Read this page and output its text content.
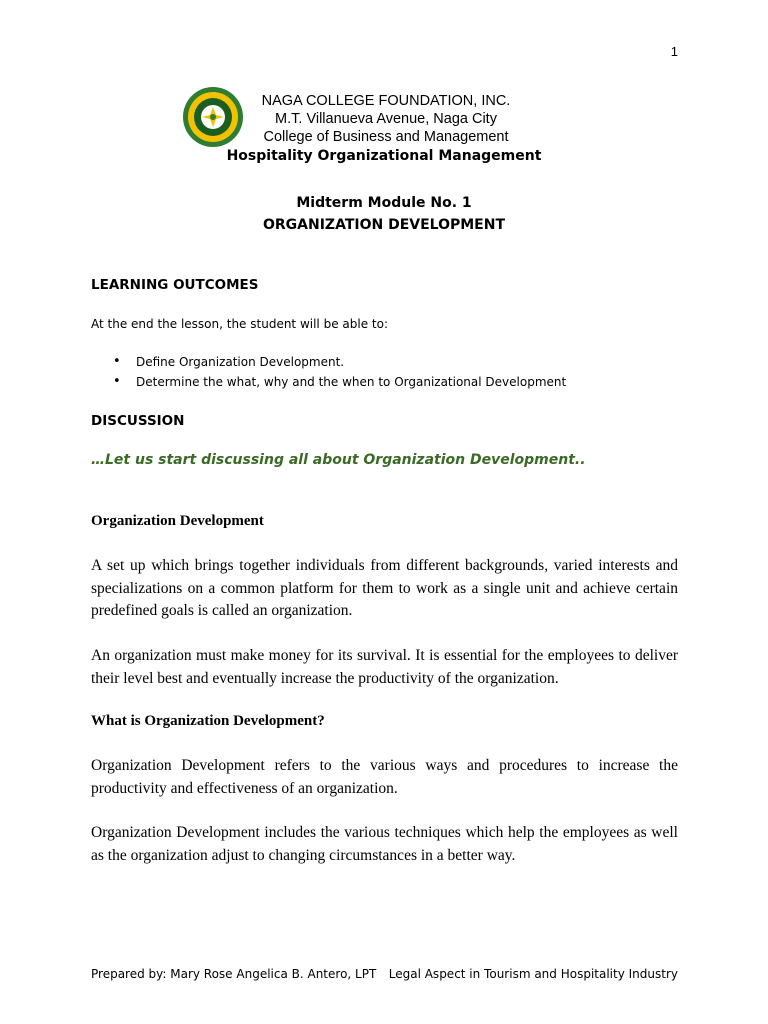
1
NAGA COLLEGE FOUNDATION, INC.
M.T. Villanueva Avenue, Naga City
College of Business and Management
Hospitality Organizational Management
Midterm Module No. 1
ORGANIZATION DEVELOPMENT
LEARNING OUTCOMES
At the end the lesson, the student will be able to:
• Define Organization Development.
• Determine the what, why and the when to Organizational Development
DISCUSSION
…Let us start discussing all about Organization Development..
Organization Development

A set up which brings together individuals from different backgrounds, varied interests and specializations on a common platform for them to work as a single unit and achieve certain predefined goals is called an organization.

An organization must make money for its survival. It is essential for the employees to deliver their level best and eventually increase the productivity of the organization.

What is Organization Development?

Organization Development refers to the various ways and procedures to increase the productivity and effectiveness of an organization.

Organization Development includes the various techniques which help the employees as well as the organization adjust to changing circumstances in a better way.

Prepared by: Mary Rose Angelica B. Antero, LPT Legal Aspect in Tourism and Hospitality Industry
